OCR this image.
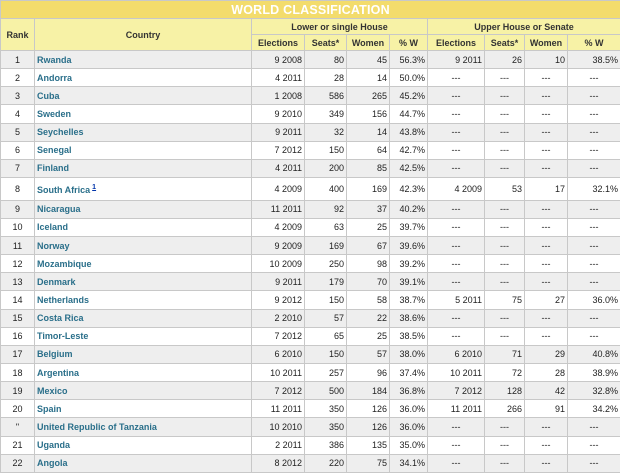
WORLD CLASSIFICATION									
Rank	Country	Lower or single House				Upper House or Senate			
		Elections	Seats*	Women	% W	Elections	Seats*	Women	% W
1	Rwanda	9 2008	80	45	56.3%	9 2011	26	10	38.5%
2	Andorra	4 2011	28	14	50.0%	---	---	---	---
3	Cuba	1 2008	586	265	45.2%	---	---	---	---
4	Sweden	9 2010	349	156	44.7%	---	---	---	---
5	Seychelles	9 2011	32	14	43.8%	---	---	---	---
6	Senegal	7 2012	150	64	42.7%	---	---	---	---
7	Finland	4 2011	200	85	42.5%	---	---	---	---
8	South Africa $^1$	4 2009	400	169	42.3%	4 2009	53	17	32.1%
9	Nicaragua	11 2011	92	37	40.2%	---	---	---	---
10	Iceland	4 2009	63	25	39.7%	---	---	---	---
11	Norway	9 2009	169	67	39.6%	---	---	---	---
12	Mozambique	10 2009	250	98	39.2%	---	---	---	---
13	Denmark	9 2011	179	70	39.1%	---	---	---	---
14	Netherlands	9 2012	150	58	38.7%	5 2011	75	27	36.0%
15	Costa Rica	2 2010	57	22	38.6%	---	---	---	---
16	Timor-Leste	7 2012	65	25	38.5%	---	---	---	---
17	Belgium	6 2010	150	57	38.0%	6 2010	71	29	40.8%
18	Argentina	10 2011	257	96	37.4%	10 2011	72	28	38.9%
19	Mexico	7 2012	500	184	36.8%	7 2012	128	42	32.8%
20	Spain	11 2011	350	126	36.0%	11 2011	266	91	34.2%
"	United Republic of Tanzania	10 2010	350	126	36.0%	---	---	---	---
21	Uganda	2 2011	386	135	35.0%	---	---	---	---
22	Angola	8 2012	220	75	34.1%	---	---	---	---
